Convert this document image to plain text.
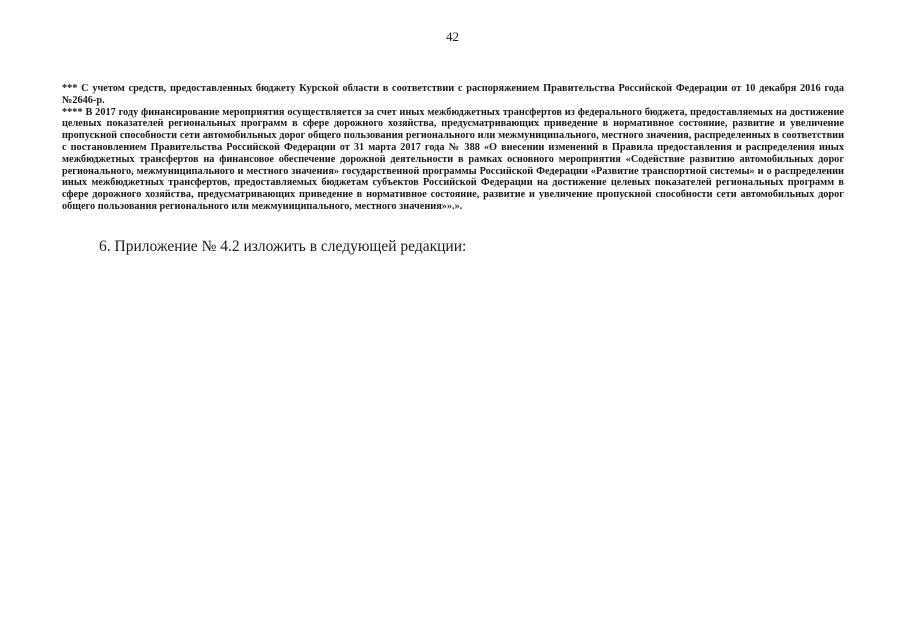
42

*** С учетом средств, предоставленных бюджету Курской области в соответствии с распоряжением Правительства Российской Федерации от 10 декабря 2016 года №2646-р.

**** В 2017 году финансирование мероприятия осуществляется за счет иных межбюджетных трансфертов из федерального бюджета, предоставляемых на достижение целевых показателей региональных программ в сфере дорожного хозяйства, предусматривающих приведение в нормативное состояние, развитие и увеличение пропускной способности сети автомобильных дорог общего пользования регионального или межмуниципального, местного значения, распределенных в соответствии с постановлением Правительства Российской Федерации от 31 марта 2017 года № 388 «О внесении изменений в Правила предоставления и распределения иных межбюджетных трансфертов на финансовое обеспечение дорожной деятельности в рамках основного мероприятия «Содействие развитию автомобильных дорог регионального, межмуниципального и местного значения» государственной программы Российской Федерации «Развитие транспортной системы» и о распределении иных межбюджетных трансфертов, предоставляемых бюджетам субъектов Российской Федерации на достижение целевых показателей региональных программ в сфере дорожного хозяйства, предусматривающих приведение в нормативное состояние, развитие и увеличение пропускной способности сети автомобильных дорог общего пользования регионального или межмуниципального, местного значения»».».

6. Приложение № 4.2 изложить в следующей редакции:
